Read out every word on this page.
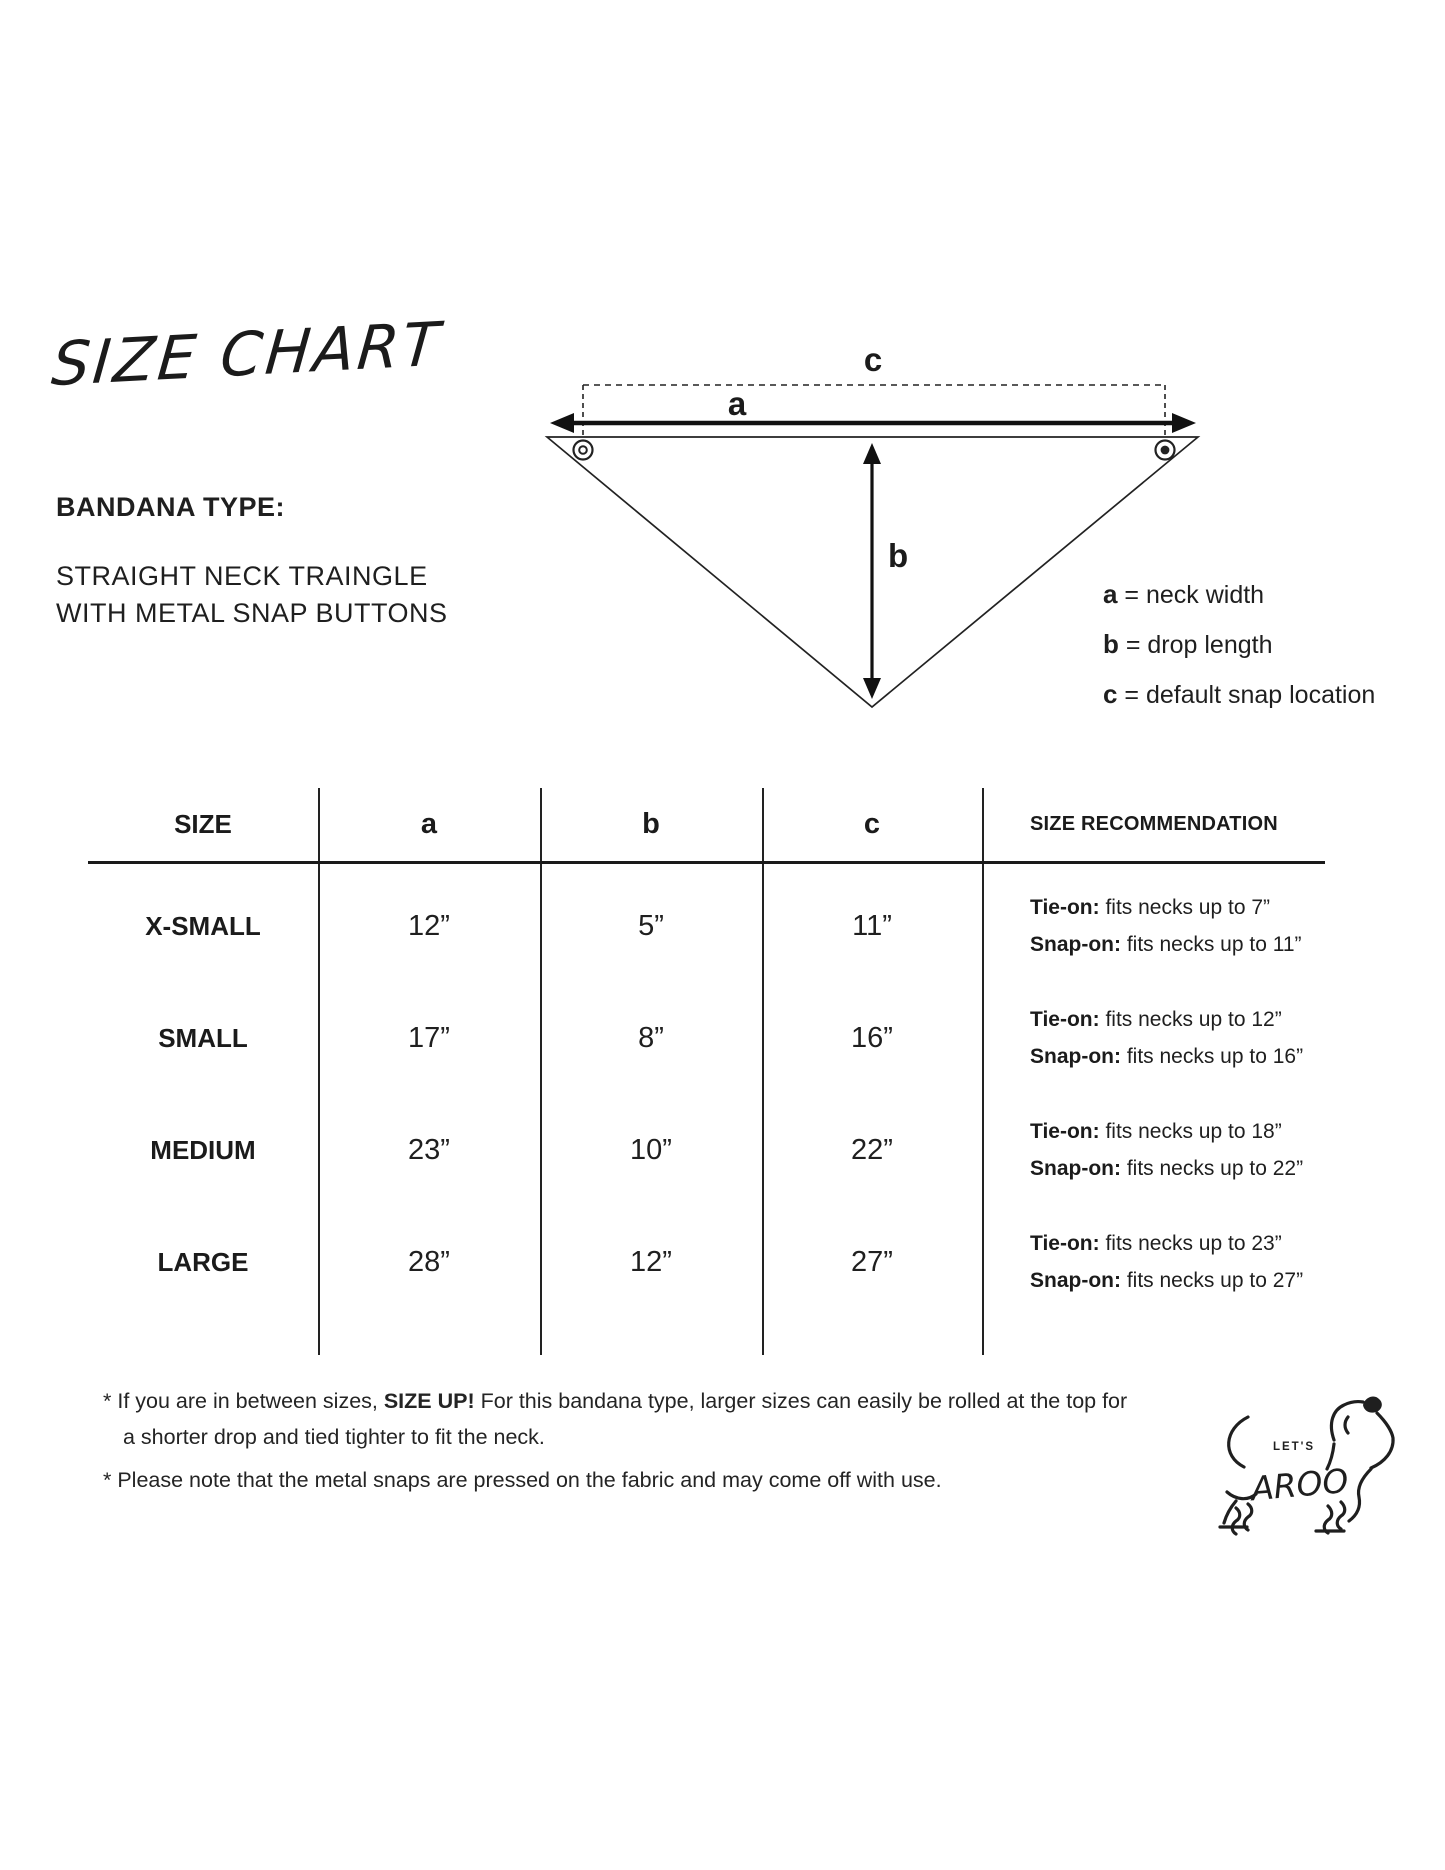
SIZE CHART
BANDANA TYPE:
STRAIGHT NECK TRAINGLE
WITH METAL SNAP BUTTONS
c
a
b
a = neck width
b = drop length
c = default snap location
SIZE	a	b	c	SIZE RECOMMENDATION
X-SMALL	12”	5”	11”
Tie-on: fits necks up to 7”
Snap-on: fits necks up to 11”
SMALL	17”	8”	16”
Tie-on: fits necks up to 12”
Snap-on: fits necks up to 16”
MEDIUM	23”	10”	22”
Tie-on: fits necks up to 18”
Snap-on: fits necks up to 22”
LARGE	28”	12”	27”
Tie-on: fits necks up to 23”
Snap-on: fits necks up to 27”
* If you are in between sizes, SIZE UP! For this bandana type, larger sizes can easily be rolled at the top for
a shorter drop and tied tighter to fit the neck.
* Please note that the metal snaps are pressed on the fabric and may come off with use.
LET'S
AROO
